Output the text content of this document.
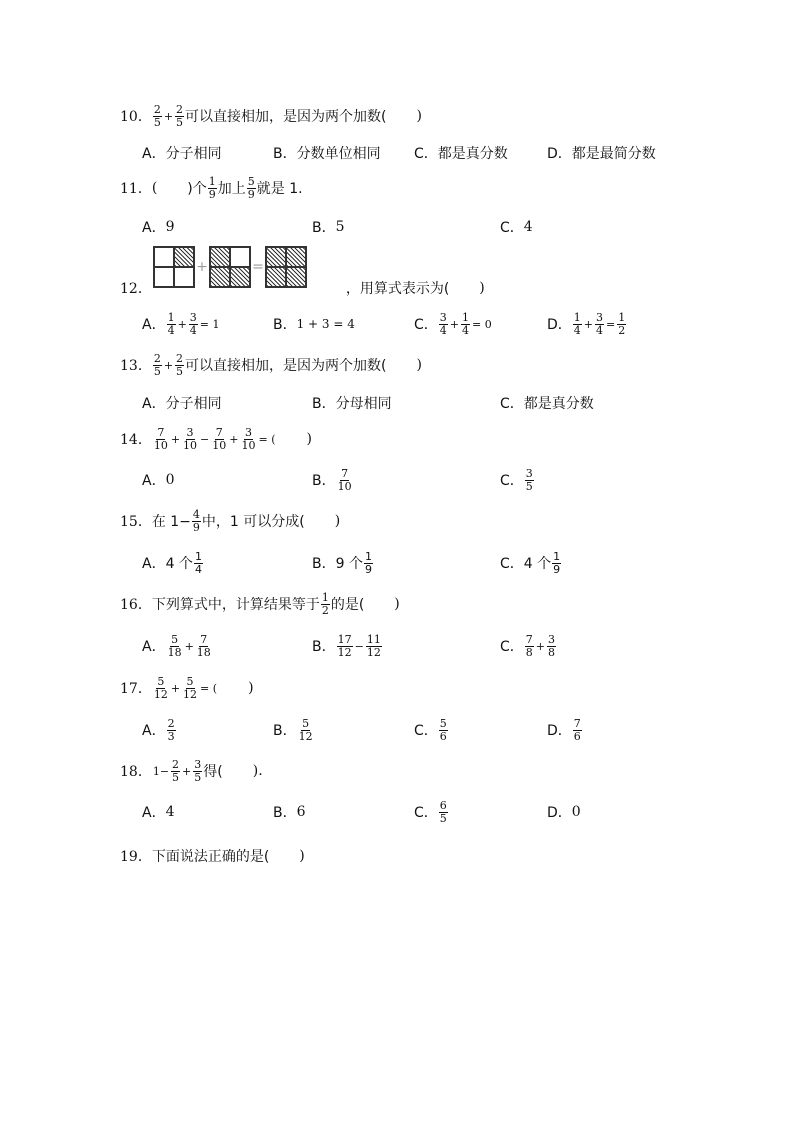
10． $\frac{2}{5} + \frac{2}{5}$ 可以直接相加，是因为两个加数( )
A． 分子相同	B． 分数单位相同 C． 都是真分数	D． 都是最简分数
11． ( )个 $\frac{1}{9}$ 加上 $\frac{5}{9}$ 就是 1.
A． 9	B． 5	C． 4
+	=
12．	，用算式表示为( )
A． $\frac{1}{4} + \frac{3}{4} = 1$	B． 1 + 3 = 4	C． $\frac{3}{4} + \frac{1}{4} = 0$	D． $\frac{1}{4} + \frac{3}{4} = \frac{1}{2}$
13． $\frac{2}{5} + \frac{2}{5}$ 可以直接相加，是因为两个加数( )
A． 分子相同	B． 分母相同	C． 都是真分数
14． $\frac{7}{10} + \frac{3}{10} - \frac{7}{10} + \frac{3}{10}$ = ( )
A． 0	B． $\frac{7}{10}$	C． $\frac{3}{5}$
15． 在 $1- \frac{4}{9}$ 中，1 可以分成( )
A． 4 个 $\frac{1}{4}$	B． 9 个 $\frac{1}{9}$	C． 4 个 $\frac{1}{9}$
16． 下列算式中，计算结果等于 $\frac{1}{2}$ 的是( )
A． $\frac{5}{18} + \frac{7}{18}$	B． $\frac{17}{12} - \frac{11}{12}$	C． $\frac{7}{8} + \frac{3}{8}$
17． $\frac{5}{12} + \frac{5}{12}$ = ( )
A． $\frac{2}{3}$	B． $\frac{5}{12}$	C． $\frac{5}{6}$	D． $\frac{7}{6}$
18． $1- \frac{2}{5} + \frac{3}{5}$ 得( ).
A． 4	B． 6	C． $\frac{6}{5}$	D． 0
19． 下面说法正确的是( )
